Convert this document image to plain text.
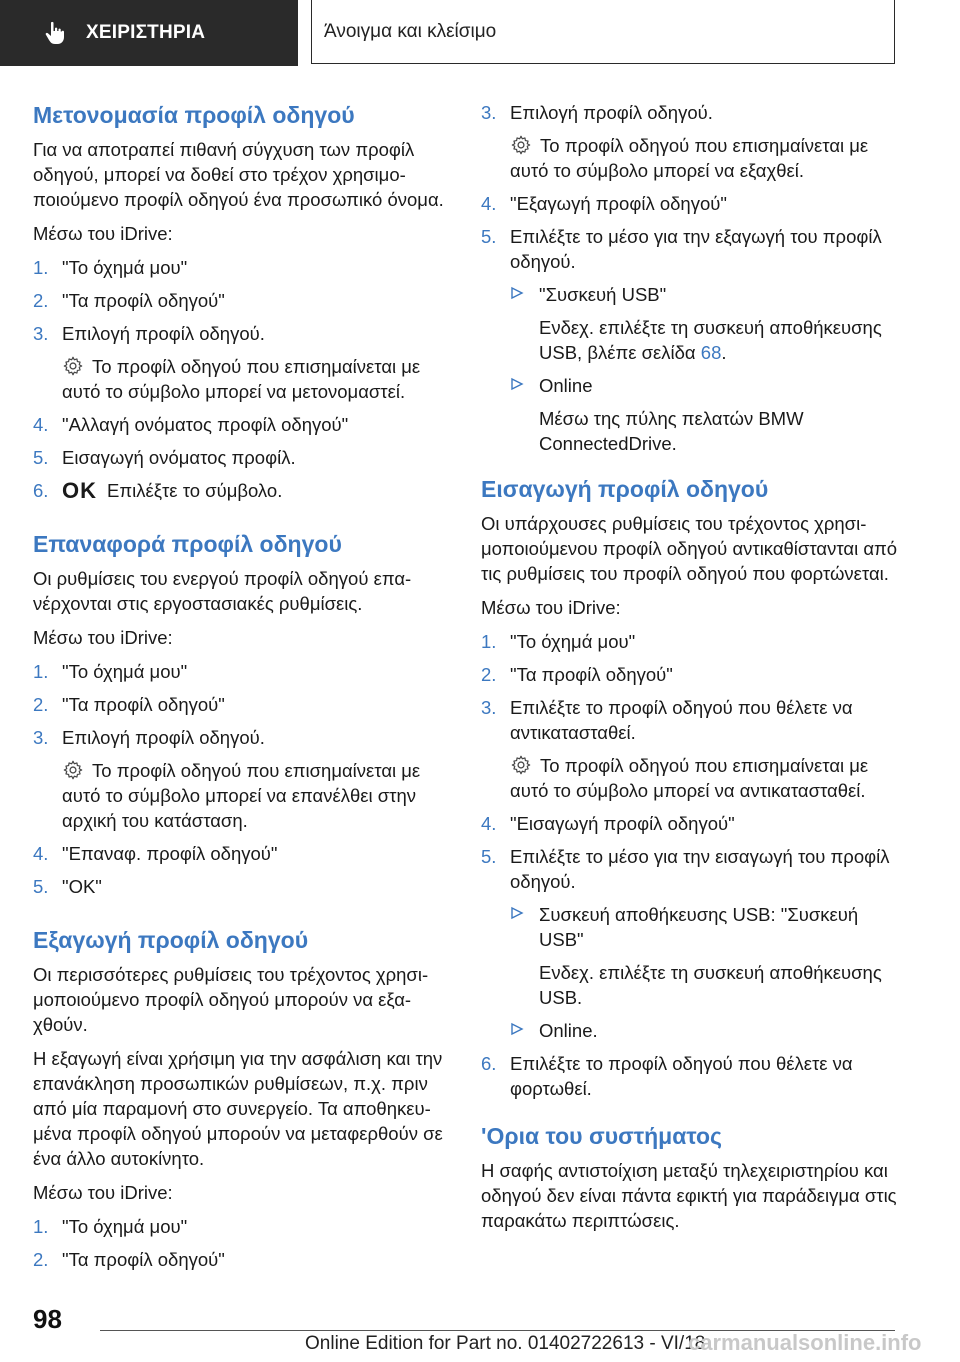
ΧΕΙΡΙΣΤΗΡΙΑ	Άνοιγμα και κλείσιμο
Μετονομασία προφίλ οδηγού

Για να αποτραπεί πιθανή σύγχυση των προφίλ οδηγού, μπορεί να δοθεί στο τρέχον χρησιμοποιούμενο προφίλ οδηγού ένα προσωπικό όνομα.

Μέσω του iDrive:

1. "Το όχημά μου"
2. "Τα προφίλ οδηγού"
3. Επιλογή προφίλ οδηγού.

Το προφίλ οδηγού που επισημαίνεται με αυτό το σύμβολο μπορεί να μετονομαστεί.

4. "Αλλαγή ονόματος προφίλ οδηγού"
5. Εισαγωγή ονόματος προφίλ.
6. OK Επιλέξτε το σύμβολο.
Επαναφορά προφίλ οδηγού

Οι ρυθμίσεις του ενεργού προφίλ οδηγού επανέρχονται στις εργοστασιακές ρυθμίσεις.

Μέσω του iDrive:

1. "Το όχημά μου"
2. "Τα προφίλ οδηγού"
3. Επιλογή προφίλ οδηγού.

Το προφίλ οδηγού που επισημαίνεται με αυτό το σύμβολο μπορεί να επανέλθει στην αρχική του κατάσταση.

4. "Επαναφ. προφίλ οδηγού"
5. "OK"
Εξαγωγή προφίλ οδηγού

Οι περισσότερες ρυθμίσεις του τρέχοντος χρησιμοποιούμενο προφίλ οδηγού μπορούν να εξαχθούν.

Η εξαγωγή είναι χρήσιμη για την ασφάλιση και την επανάκληση προσωπικών ρυθμίσεων, π.χ. πριν από μία παραμονή στο συνεργείο. Τα αποθηκευμένα προφίλ οδηγού μπορούν να μεταφερθούν σε ένα άλλο αυτοκίνητο.

Μέσω του iDrive:

1. "Το όχημά μου"
2. "Τα προφίλ οδηγού"
3. Επιλογή προφίλ οδηγού.

Το προφίλ οδηγού που επισημαίνεται με αυτό το σύμβολο μπορεί να εξαχθεί.

4. "Εξαγωγή προφίλ οδηγού"
5. Επιλέξτε το μέσο για την εξαγωγή του προφίλ οδηγού.
"Συσκευή USB"

Ενδεχ. επιλέξτε τη συσκευή αποθήκευσης USB, βλέπε σελίδα 68.

Online

Μέσω της πύλης πελατών BMW ConnectedDrive.

Εισαγωγή προφίλ οδηγού

Οι υπάρχουσες ρυθμίσεις του τρέχοντος χρησιμοποιούμενου προφίλ οδηγού αντικαθίστανται από τις ρυθμίσεις του προφίλ οδηγού που φορτώνεται.

Μέσω του iDrive:

1. "Το όχημά μου"
2. "Τα προφίλ οδηγού"
3. Επιλέξτε το προφίλ οδηγού που θέλετε να αντικατασταθεί.

Το προφίλ οδηγού που επισημαίνεται με αυτό το σύμβολο μπορεί να αντικατασταθεί.

4. "Εισαγωγή προφίλ οδηγού"
5. Επιλέξτε το μέσο για την εισαγωγή του προφίλ οδηγού.
Συσκευή αποθήκευσης USB: "Συσκευή USB"

Ενδεχ. επιλέξτε τη συσκευή αποθήκευσης USB.

Online.
6. Επιλέξτε το προφίλ οδηγού που θέλετε να φορτωθεί.
'Ορια του συστήματος

Η σαφής αντιστοίχιση μεταξύ τηλεχειριστηρίου και οδηγού δεν είναι πάντα εφικτή για παράδειγμα στις παρακάτω περιπτώσεις.

98
Online Edition for Part no. 01402722613 - VI/18
carmanualsonline.info
